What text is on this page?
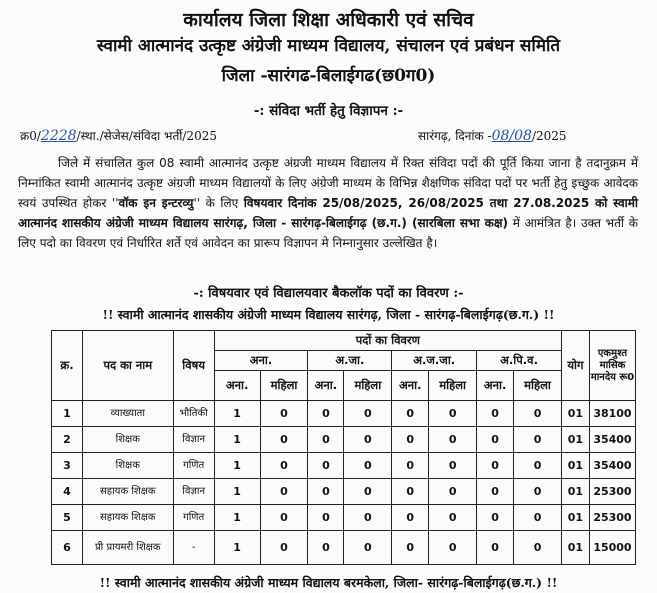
कार्यालय जिला शिक्षा अधिकारी एवं सचिव
स्वामी आत्मानंद उत्कृष्ट अंग्रेजी माध्यम विद्यालय, संचालन एवं प्रबंधन समिति
जिला -सारंगढ-बिलाईगढ(छ0ग0)
-: संविदा भर्ती हेतु विज्ञापन :-
क्र0/2228/स्था./सेजेस/संविदा भर्ती/2025	सारंगढ़, दिनांक -08/08/2025
जिले में संचालित कुल 08 स्वामी आत्मानंद उत्कृष्ट अंग्रजी माध्यम विद्यालय में रिक्त संविदा पदों की पूर्ति किया जाना है तदानुक्रम में निम्नांकित स्वामी आत्मानंद उत्कृष्ट अंग्रजी माध्यम विद्यालयों के लिए अंग्रेजी माध्यम के विभिन्न शैक्षणिक संविदा पदों पर भर्ती हेतु इच्छुक आवेदक स्वयं उपस्थित होकर ''वॉक इन इन्टरव्यु'' के लिए विषयवार दिनांक 25/08/2025, 26/08/2025 तथा 27.08.2025 को स्वामी आत्मानंद शासकीय अंग्रेजी माध्यम विद्यालय सारंगढ़, जिला - सारंगढ़-बिलाईगढ़ (छ.ग.) (सारबिला सभा कक्ष) में आमंत्रित है। उक्त भर्ती के लिए पदो का विवरण एवं निर्धारित शर्ते एवं आवेदन का प्रारूप विज्ञापन मे निम्नानुसार उल्लेखित है।
-: विषयवार एवं विद्यालयवार बैकलॉक पदों का विवरण :-
!! स्वामी आत्मानंद शासकीय अंग्रेजी माध्यम विद्यालय सारंगढ़, जिला - सारंगढ़-बिलाईगढ़(छ.ग.) !!
क्र.	पद का नाम	विषय	पदों का विवरण								योग	एकमुश्त मासिक मानदेय रू0
			अना.		अ.जा.		अ.ज.जा.		अ.पि.व.			
			अना.	महिला	अना.	महिला	अना.	महिला	अना.	महिला		
1	व्याख्याता	भौतिकी	1	0	0	0	0	0	0	0	01	38100
2	शिक्षक	विज्ञान	1	0	0	0	0	0	0	0	01	35400
3	शिक्षक	गणित	1	0	0	0	0	0	0	0	01	35400
4	सहायक शिक्षक	विज्ञान	1	0	0	0	0	0	0	0	01	25300
5	सहायक शिक्षक	गणित	1	0	0	0	0	0	0	0	01	25300
6	प्री प्रायमरी शिक्षक	-	1	0	0	0	0	0	0	0	01	15000
!! स्वामी आत्मानंद शासकीय अंग्रेजी माध्यम विद्यालय बरमकेला, जिला- सारंगढ़-बिलाईगढ़(छ.ग.) !!
